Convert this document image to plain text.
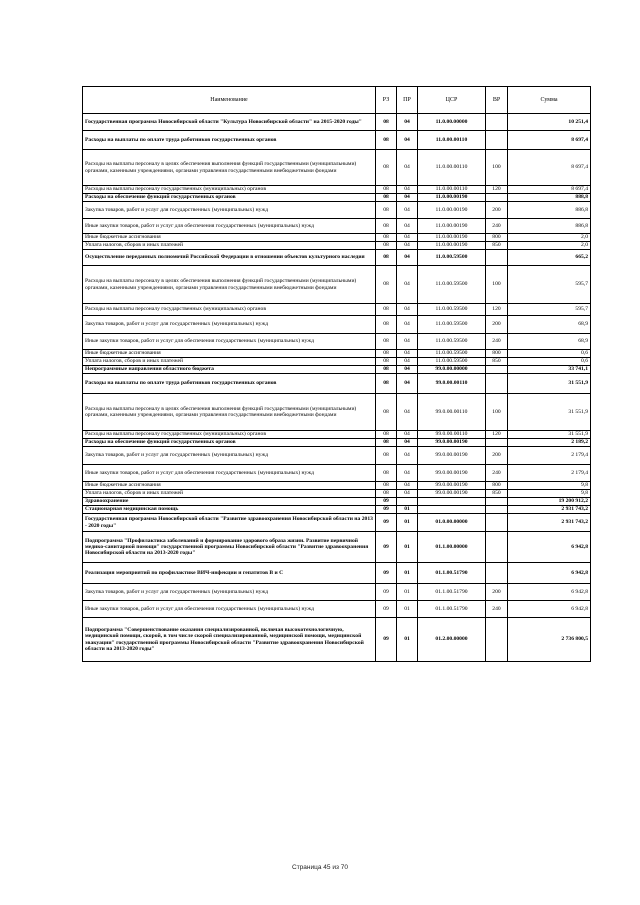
Наименование	РЗ	ПР	ЦСР	ВР	Сумма
Государственная программа Новосибирской области "Культура Новосибирской области" на 2015-2020 годы"	08	04	11.0.00.00000		10 251,4
Расходы на выплаты по оплате труда работников государственных органов	08	04	11.0.00.00110		8 697,4
Расходы на выплаты персоналу в целях обеспечения выполнения функций государственными (муниципальными) органами, казенными учреждениями, органами управления государственными внебюджетными фондами	08	04	11.0.00.00110	100	8 697,4
Расходы на выплаты персоналу государственных (муниципальных) органов	08	04	11.0.00.00110	120	8 697,4
Расходы на обеспечение функций государственных органов	08	04	11.0.00.00190		888,8
Закупка товаров, работ и услуг для государственных (муниципальных) нужд	08	04	11.0.00.00190	200	886,8
Иные закупки товаров, работ и услуг для обеспечения государственных (муниципальных) нужд	08	04	11.0.00.00190	240	886,8
Иные бюджетные ассигнования	08	04	11.0.00.00190	800	2,0
Уплата налогов, сборов и иных платежей	08	04	11.0.00.00190	850	2,0
Осуществление переданных полномочий Российской Федерации в отношении объектов культурного наследия	08	04	11.0.00.59500		665,2
Расходы на выплаты персоналу в целях обеспечения выполнения функций государственными (муниципальными) органами, казенными учреждениями, органами управления государственными внебюджетными фондами	08	04	11.0.00.59500	100	595,7
Расходы на выплаты персоналу государственных (муниципальных) органов	08	04	11.0.00.59500	120	595,7
Закупка товаров, работ и услуг для государственных (муниципальных) нужд	08	04	11.0.00.59500	200	68,9
Иные закупки товаров, работ и услуг для обеспечения государственных (муниципальных) нужд	08	04	11.0.00.59500	240	68,9
Иные бюджетные ассигнования	08	04	11.0.00.59500	800	0,6
Уплата налогов, сборов и иных платежей	08	04	11.0.00.59500	850	0,6
Непрограммные направления областного бюджета	08	04	99.0.00.00000		33 741,1
Расходы на выплаты по оплате труда работников государственных органов	08	04	99.0.00.00110		31 551,9
Расходы на выплаты персоналу в целях обеспечения выполнения функций государственными (муниципальными) органами, казенными учреждениями, органами управления государственными внебюджетными фондами	08	04	99.0.00.00110	100	31 551,9
Расходы на выплаты персоналу государственных (муниципальных) органов	08	04	99.0.00.00110	120	31 551,9
Расходы на обеспечение функций государственных органов	08	04	99.0.00.00190		2 189,2
Закупка товаров, работ и услуг для государственных (муниципальных) нужд	08	04	99.0.00.00190	200	2 179,4
Иные закупки товаров, работ и услуг для обеспечения государственных (муниципальных) нужд	08	04	99.0.00.00190	240	2 179,4
Иные бюджетные ассигнования	08	04	99.0.00.00190	800	9,8
Уплата налогов, сборов и иных платежей	08	04	99.0.00.00190	850	9,8
Здравоохранение	09				19 200 912,2
Стационарная медицинская помощь	09	01			2 931 743,2
Государственная программа Новосибирской области "Развитие здравоохранения Новосибирской области на 2013 - 2020 годы"	09	01	01.0.00.00000		2 931 743,2
Подпрограмма "Профилактика заболеваний и формирование здорового образа жизни. Развитие первичной медико-санитарной помощи" государственной программы Новосибирской области "Развитие здравоохранения Новосибирской области на 2013-2020 годы"	09	01	01.1.00.00000		6 942,8
Реализация мероприятий по профилактике ВИЧ-инфекции и гепатитов В и С	09	01	01.1.00.51790		6 942,8
Закупка товаров, работ и услуг для государственных (муниципальных) нужд	09	01	01.1.00.51790	200	6 942,8
Иные закупки товаров, работ и услуг для обеспечения государственных (муниципальных) нужд	09	01	01.1.00.51790	240	6 942,8
Подпрограмма "Совершенствование оказания специализированной, включая высокотехнологичную, медицинской помощи, скорой, в том числе скорой специализированной, медицинской помощи, медицинской эвакуации" государственной программы Новосибирской области "Развитие здравоохранения Новосибирской области на 2013-2020 годы"	09	01	01.2.00.00000		2 736 800,5
Страница 45 из 70
